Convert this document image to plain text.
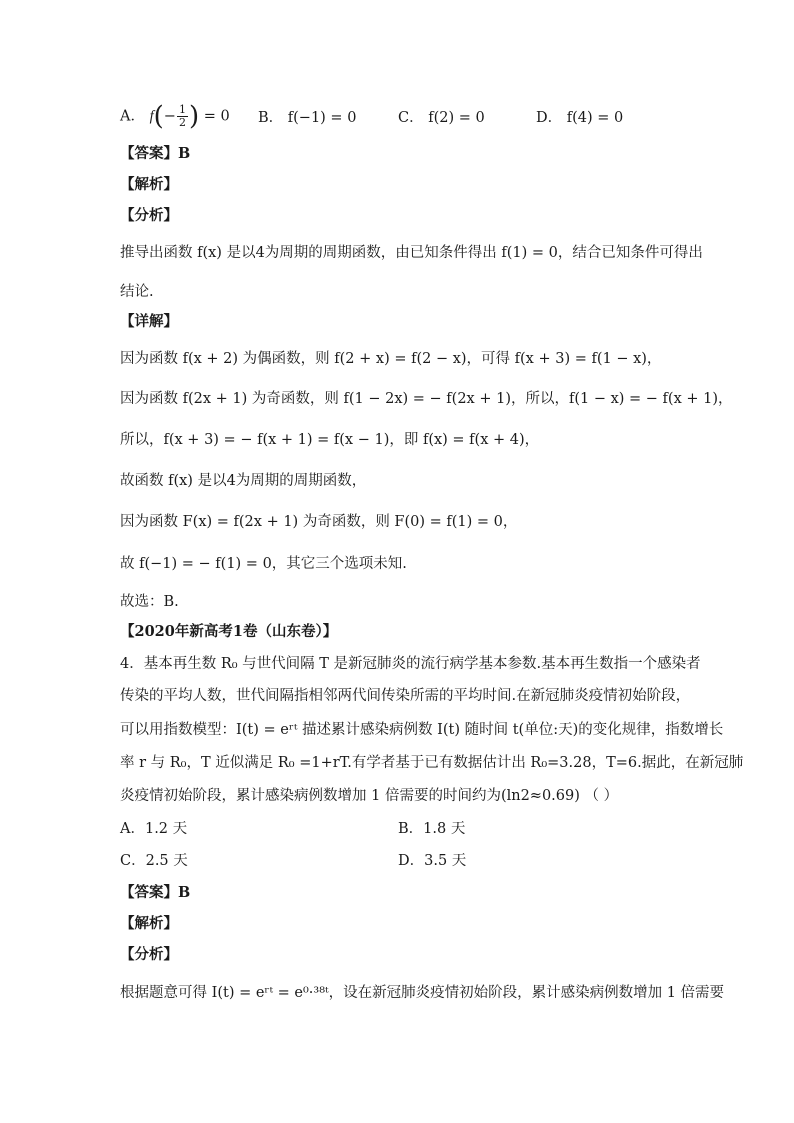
A． $f(- \frac{1}{2}$ ) = 0 B． f(−1) = 0	C． f(2) = 0	D． f(4) = 0
【答案】B
【解析】
【分析】
推导出函数 f(x) 是以4为周期的周期函数，由已知条件得出 f(1) = 0，结合已知条件可得出
结论.
【详解】
因为函数 f(x + 2) 为偶函数，则 f(2 + x) = f(2 − x)，可得 f(x + 3) = f(1 − x)，
因为函数 f(2x + 1) 为奇函数，则 f(1 − 2x) = − f(2x + 1)，所以，f(1 − x) = − f(x + 1)，
所以，f(x + 3) = − f(x + 1) = f(x − 1)，即 f(x) = f(x + 4)，
故函数 f(x) 是以4为周期的周期函数，
因为函数 F(x) = f(2x + 1) 为奇函数，则 F(0) = f(1) = 0，
故 f(−1) = − f(1) = 0，其它三个选项未知.
故选：B.
【2020年新高考1卷（山东卷）】
4．基本再生数 R₀ 与世代间隔 T 是新冠肺炎的流行病学基本参数.基本再生数指一个感染者
传染的平均人数，世代间隔指相邻两代间传染所需的平均时间.在新冠肺炎疫情初始阶段，
可以用指数模型：I(t) = eʳᵗ 描述累计感染病例数 I(t) 随时间 t(单位:天)的变化规律，指数增长
率 r 与 R₀，T 近似满足 R₀ =1+rT.有学者基于已有数据估计出 R₀=3.28，T=6.据此，在新冠肺
炎疫情初始阶段，累计感染病例数增加 1 倍需要的时间约为(ln2≈0.69) （ ）
A．1.2 天	B．1.8 天
C．2.5 天	D．3.5 天
【答案】B
【解析】
【分析】
根据题意可得 I(t) = eʳᵗ = e⁰·³⁸ᵗ，设在新冠肺炎疫情初始阶段，累计感染病例数增加 1 倍需要
